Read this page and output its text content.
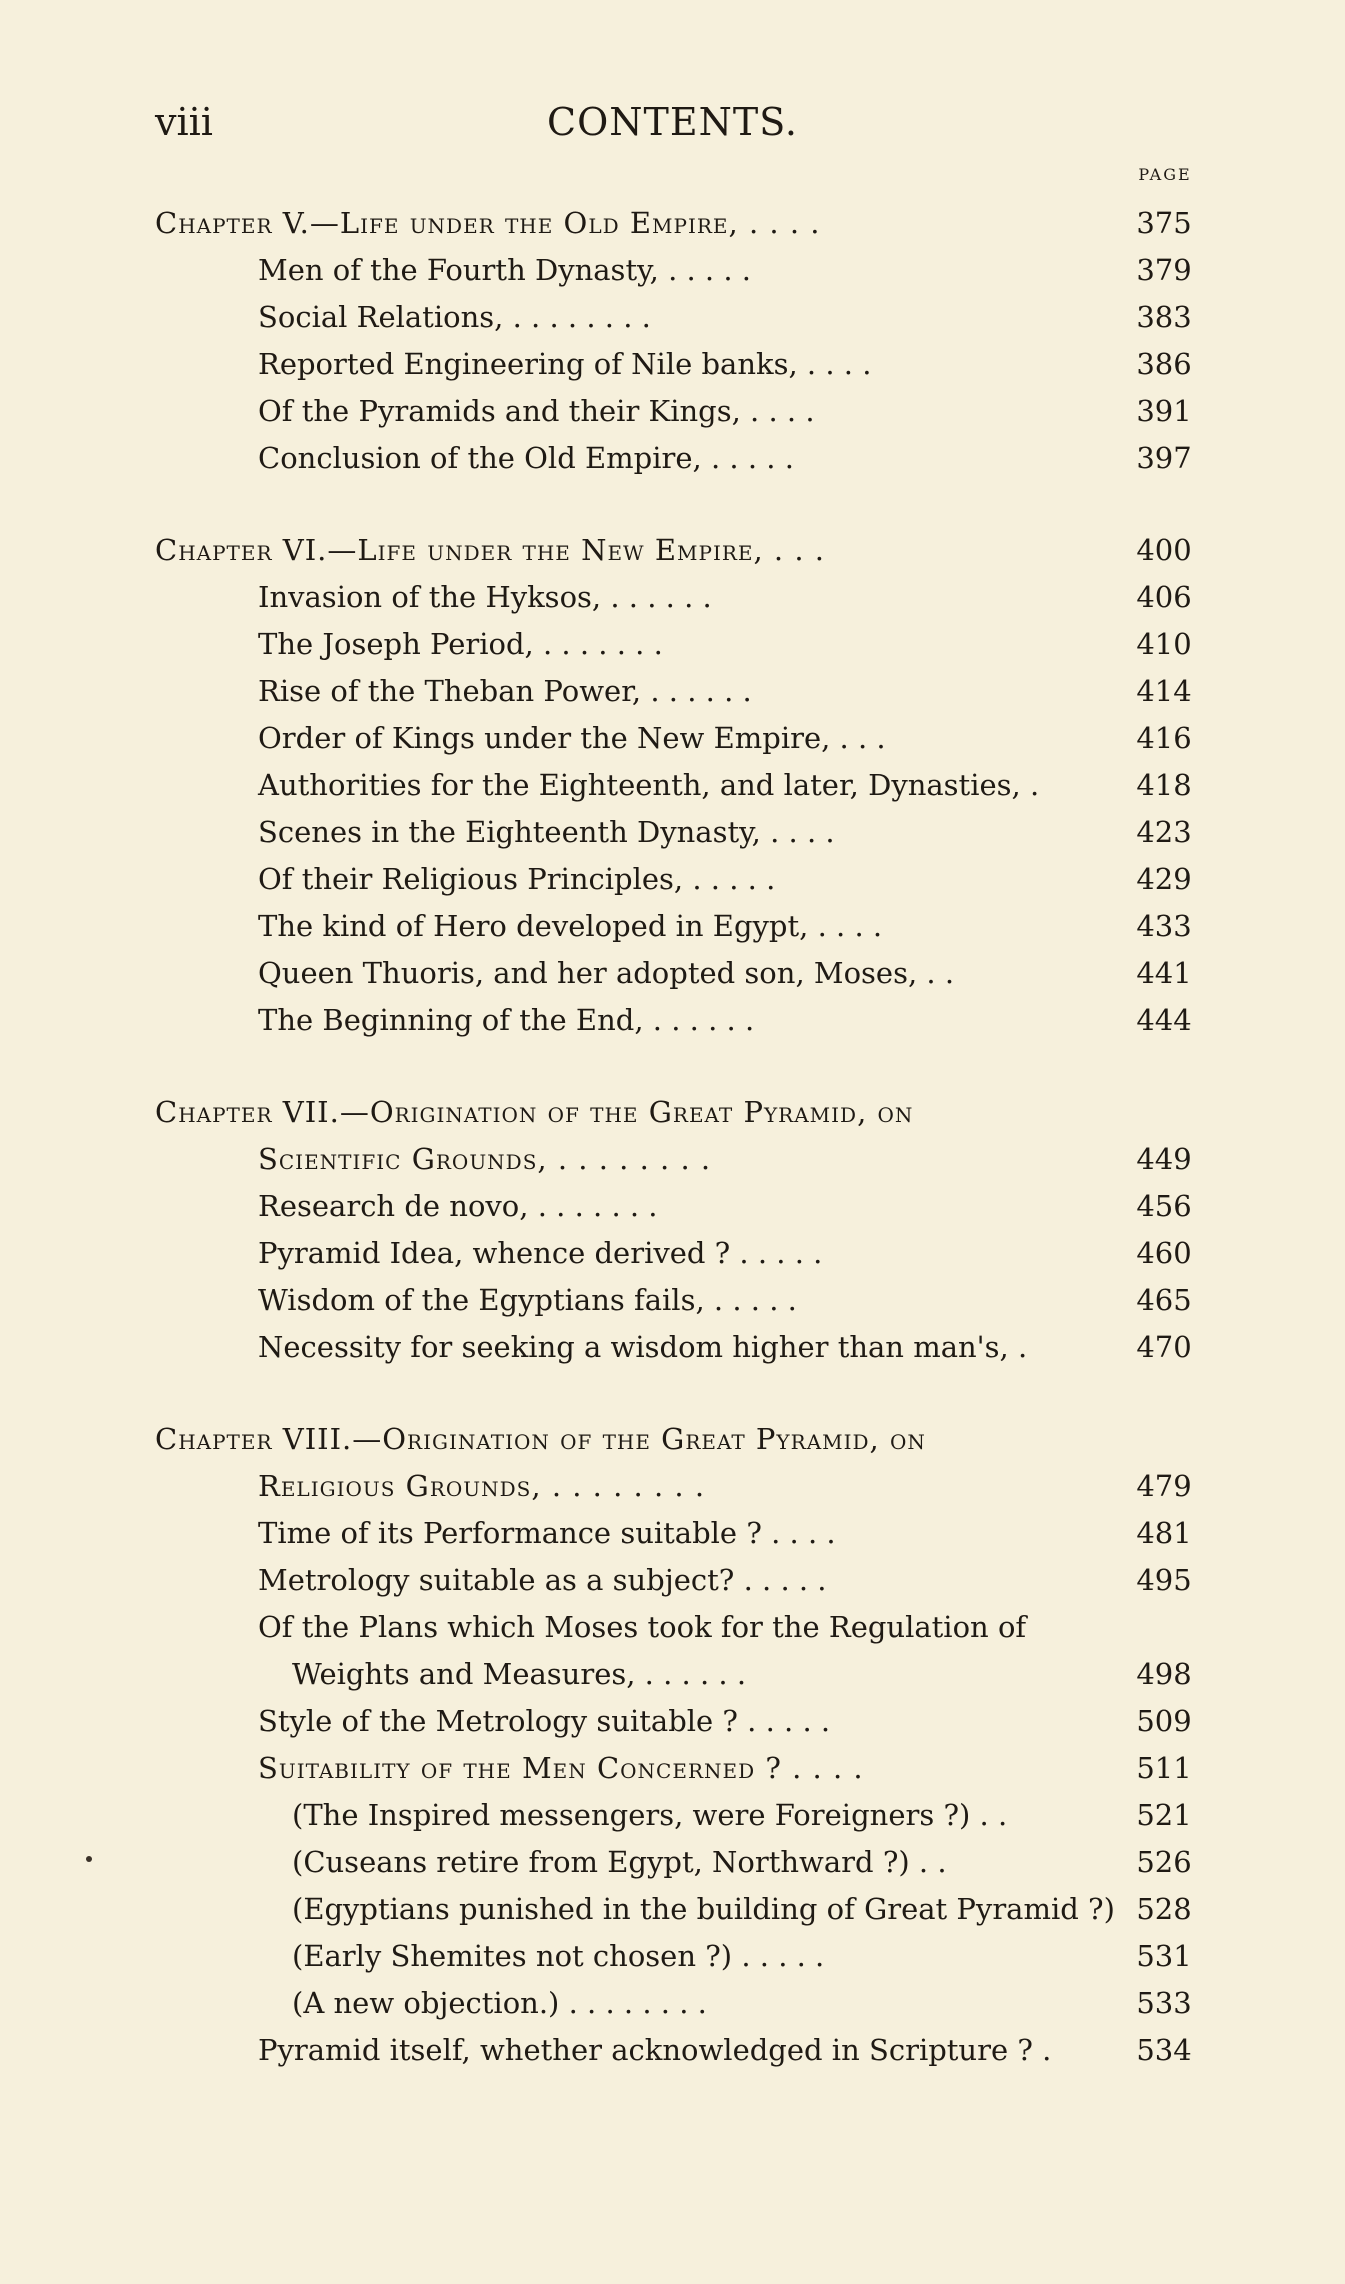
viii	CONTENTS.
PAGE
Chapter V.—Life under the Old Empire, . . . .	375
Men of the Fourth Dynasty, . . . . .	379
Social Relations, . . . . . . . .	383
Reported Engineering of Nile banks, . . . .	386
Of the Pyramids and their Kings, . . . .	391
Conclusion of the Old Empire, . . . . .	397
Chapter VI.—Life under the New Empire, . . .	400
Invasion of the Hyksos, . . . . . .	406
The Joseph Period, . . . . . . .	410
Rise of the Theban Power, . . . . . .	414
Order of Kings under the New Empire, . . .	416
Authorities for the Eighteenth, and later, Dynasties, .	418
Scenes in the Eighteenth Dynasty, . . . .	423
Of their Religious Principles, . . . . .	429
The kind of Hero developed in Egypt, . . . .	433
Queen Thuoris, and her adopted son, Moses, . .	441
The Beginning of the End, . . . . . .	444
Chapter VII.—Origination of the Great Pyramid, on
Scientific Grounds, . . . . . . . .	449
Research de novo, . . . . . . .	456
Pyramid Idea, whence derived ? . . . . .	460
Wisdom of the Egyptians fails, . . . . .	465
Necessity for seeking a wisdom higher than man's, .	470
Chapter VIII.—Origination of the Great Pyramid, on
Religious Grounds, . . . . . . . .	479
Time of its Performance suitable ? . . . .	481
Metrology suitable as a subject? . . . . .	495
Of the Plans which Moses took for the Regulation of
Weights and Measures, . . . . . .	498
Style of the Metrology suitable ? . . . . .	509
Suitability of the Men Concerned ? . . . .	511
(The Inspired messengers, were Foreigners ?) . .	521
(Cuseans retire from Egypt, Northward ?) . .	526
(Egyptians punished in the building of Great Pyramid ?) 528
(Early Shemites not chosen ?) . . . . .	531
(A new objection.) . . . . . . . .	533
Pyramid itself, whether acknowledged in Scripture ? .	534
